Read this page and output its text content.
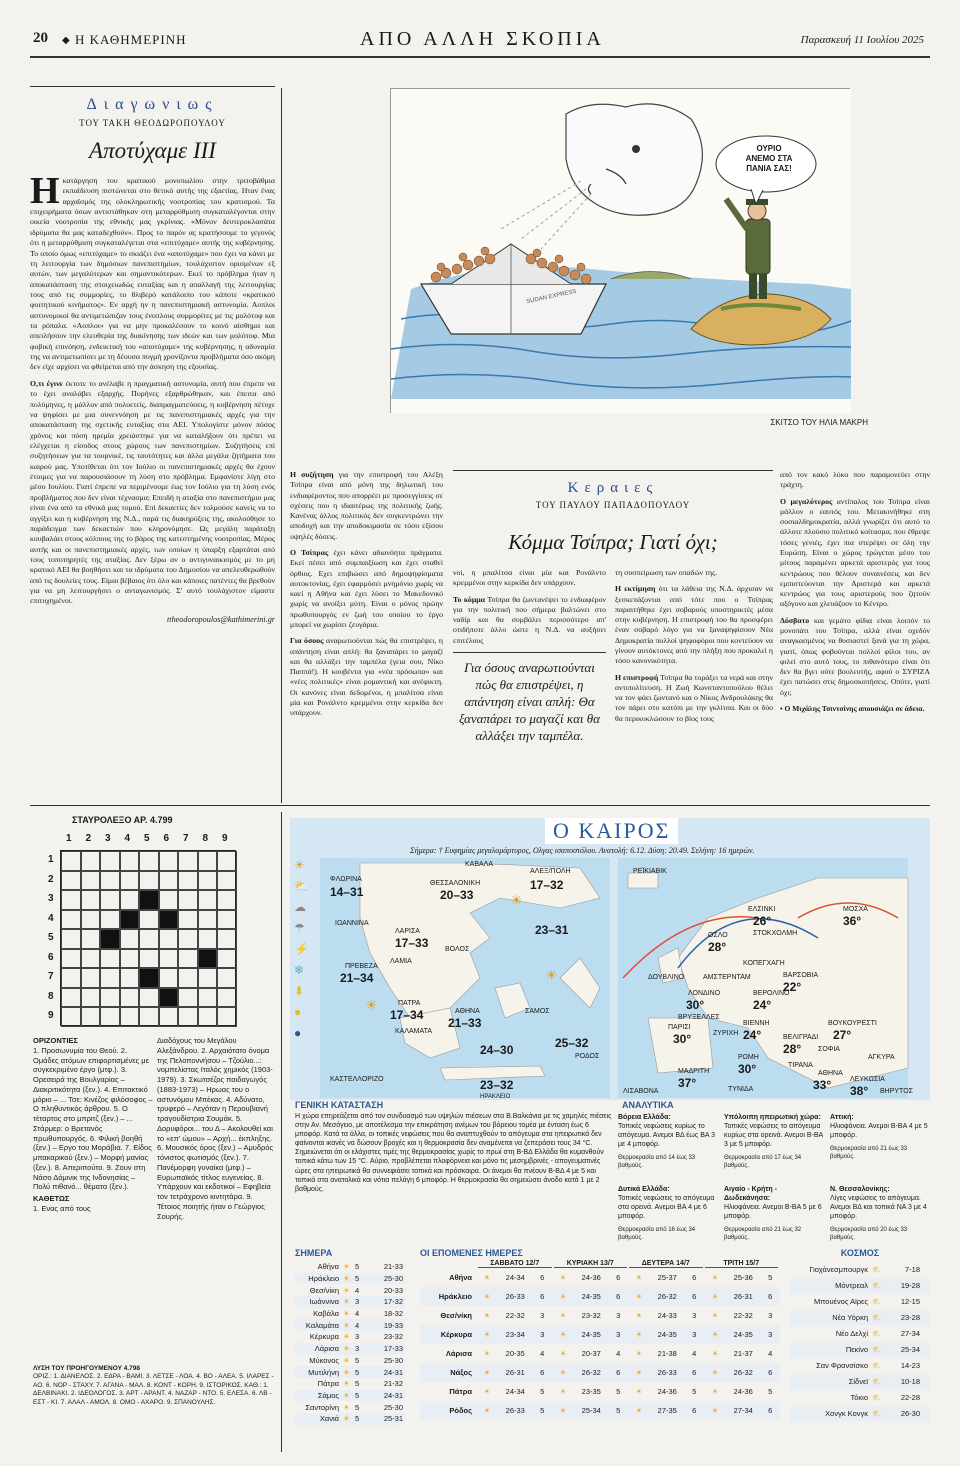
20 ◆ Η ΚΑΘΗΜΕΡΙΝΗ	ΑΠΟ ΑΛΛΗ ΣΚΟΠΙΑ	Παρασκευή 11 Ιουλίου 2025
Διαγωνιως
ΤΟΥ ΤΑΚΗ ΘΕΟΔΩΡΟΠΟΥΛΟΥ
Αποτύχαμε ΙΙΙ

Ηκατάργηση του κρατικού μονοπωλίου στην τριτοβάθμια εκπαίδευση πιστώνεται στο θετικό αυτής της εξαετίας. Ηταν ένας αρχαϊσμός της ολοκληρωτικής νοοτροπίας του κρατισμού. Τα επιχειρήματα όσων αντιστάθηκαν στη μεταρρύθμιση συγκαταλέγονται στην οικεία νοοτροπία της εθνικής μας γκρίνιας. «Μόνον δευτεροκλασάτα ιδρύματα θα μας καταδεχθούν». Προς το παρόν ας κρατήσουμε το γεγονός ότι η μεταρρύθμιση συγκαταλέγεται στα «επιτύχαμε» αυτής της κυβέρνησης. Το οποίο όμως «επιτύχαμε» το σκιάζει ένα «αποτύχαμε» που έχει να κάνει με τη λειτουργία των δημόσιων πανεπιστημίων, τουλάχιστον ορισμένων εξ αυτών, των μεγαλύτερων και σημαντικότερων. Εκεί το πρόβλημα ήταν η αποκατάσταση της στοιχειωδώς ευταξίας και η απαλλαγή της λειτουργίας τους από τις συμμορίες, το θλιβερό κατάλοιπο του κάποτε «κρατικού φοιτητικού κινήματος». Εν αρχή ην η πανεπιστημιακή αστυνομία. Αοπλοι αστυνομικοί θα αντιμετώπιζαν τους ένοπλους συμμορίτες με τις μολότοφ και τα ρόπαλα. «Αοπλοι» για να μην προκαλέσουν το κοινό αίσθημα και απειλήσουν την ελευθερία της διακίνησης των ιδεών και των μολότοφ. Μια φοβική επινόηση, ενδεικτική του «αποτύχαμε» της κυβέρνησης, η αδυναμία της να αντιμετωπίσει με τη δέουσα πυγμή χρονίζοντα προβλήματα όσο ακόμη δεν είχε αρχίσει να φθείρεται από την άσκηση της εξουσίας.

Ο,τι έγινε έκτοτε το ανέλαβε η πραγματική αστυνομία, αυτή που έπρεπε να το έχει αναλάβει εξαρχής. Πυρήνες εξαρθρώθηκαν, και έπειτα από πολύμηνες, η μάλλον από πολυετείς, διαπραγματεύσεις, η κυβέρνηση πέτυχε να ψηφίσει με μια συνεννόηση με τις πανεπιστημιακές αρχές για την αποκατάσταση της σχετικής ευταξίας στα ΑΕΙ. Υπολογίστε μόνον πόσος χρόνος και πόση ηρεμία χρειάστηκε για να καταλήξουν ότι πρέπει να ελέγχεται η είσοδος στους χώρους των πανεπιστημίων. Συζητήσεις επί συζητήσεων για τα τουρνικέ, τις ταυτότητες και άλλα μεγάλα ζητήματα του καιρού μας. Υποτίθεται ότι τον Ιούλιο οι πανεπιστημιακές αρχές θα έχουν έτοιμες για να παρουσιάσουν τη λύση στο πρόβλημα. Εμφανίστε λίγη στο μέσο Ιουλίου. Γιατί έπρεπε να περιμένουμε έως τον Ιούλιο για τη λύση ενός προβλήματος που δεν είναι τέχνασμα; Επειδή η αταξία στο πανεπιστήμιο μας είναι ένα από τα εθνικά μας τομού. Επί δεκαετίες δεν τολμούσε κανείς να το αγγίξει και η κυβέρνηση της Ν.Δ., παρά τις διακηρύξεις της, ακολούθησε το παράδειγμα των δεκαετιών που κληρονόμησε. Ως μεγάλη παράταξη κουβαλάει στους κόλπους της το βάρος της κατεστημένης νοοτροπίας. Μέρος αυτής και οι πανεπιστημιακές αρχές, των οποίων η ύπαρξη εξαρτάται από τους τοποτηρητές της αταξίας. Δεν ξέρω αν ο αντιγυναικισμός με το μη κρατικό ΑΕΙ θα βοηθήσει και τα ιδρύματα του Δημοσίου να απελευθερωθούν από τις δουλείες τους. Είμαι βέβαιος ότι όλο και κάποιες πατέντες θα βρεθούν για να μη λειτουργήσει ο ανταγωνισμός. Σ' αυτό τουλάχιστον είμαστε επιτυχημένοι.

ttheodoropoulos@kathimerini.gr
ΟΥΡΙΟ
ΑΝΕΜΟ ΣΤΑ
ΠΑΝΙΑ ΣΑΣ!
SUDAN EXPRESS
ΣΚΙΤΣΟ ΤΟΥ ΗΛΙΑ ΜΑΚΡΗ

Η συζήτηση για την επιστροφή του Αλέξη Τσίπρα είναι από μόνη της δηλωτική του ενδιαφέροντος που απορρέει με προσεγγίσεις σε σχέσεις που η ιδιαιτέρως της πολιτικής ζωής. Κανένας άλλος πολιτικός δεν συγκεντρώνει την αποδοχή και την αποδοκιμασία σε τόσο εξίσου υψηλές δόσεις.

Ο Τσίπρας έχει κάνει αδιανόητα πράγματα. Εκεί πέσει από συμπαιξίωση και έχει σταθεί όρθιος. Εχει επιβιώσει από δημοψηφίσματα αυτοκτονίας, έχει εφαρμόσει μνημόνιο χωρίς να καεί η Αθήνα και έχει λύσει το Μακεδονικό χωρίς να ανοίξει μύτη. Είναι ο μόνος πρώην πρωθυπουργός εν ζωή του οποίου το έργο μπορεί να χωρίσει ζευγάρια.

Για όσους αναρωτιούνται πώς θα επιστρέψει, η απάντηση είναι απλή: θα ξαναπάρει το μαγαζί και θα αλλάξει την ταμπέλα (γεια σου, Νίκο Παππά!). Η κουβέντα για «νέα πρόσωπα» και «νέες πολιτικές» είναι ρομαντική και ανέφικτη. Οι κανόνες είναι δεδομένοι, η μπαλίτσα είναι μία και Ρονάλντο κρεμμένοι στην κερκίδα δεν υπάρχουν.

Κεραιες
ΤΟΥ ΠΑΥΛΟΥ ΠΑΠΑΔΟΠΟΥΛΟΥ
Κόμμα Τσίπρα; Γιατί όχι;

νοί, η μπαλίτσα είναι μία και Ρονάλντο κρεμμένοι στην κερκίδα δεν υπάρχουν.

Το κόμμα Τσίπρα θα ζωντανέψει το ενδιαφέρον για την πολιτική που σήμερα βαλτώνει στο ναδίρ και θα συμβάλει περισσότερο απ' οτιδήποτε άλλο ώστε η Ν.Δ. να αυξήσει επιτέλους

Για όσους αναρωτιούνται πώς θα επιστρέψει, η απάντηση είναι απλή: Θα ξαναπάρει το μαγαζί και θα αλλάξει την ταμπέλα.

τη συσπείρωση των οπαδών της.

Η εκτίμηση ότι τα λάθεια της Ν.Δ. άρχισαν να ξεσκεπάζονται από τότε που ο Τσίπρας παραιτήθηκε έχει σοβαρούς υποστηρικτές μέσα στην κυβέρνηση. Η επιστροφή του θα προσφέρει έναν σοβαρό λόγο για να ξαναψηφίσουν Νέα Δημοκρατία πολλοί ψηφοφόροι που κοντεύουν να γίνουν αυτόκτονες από την πλήξη που προκαλεί η τόσο κανονικότητα.

Η επιστροφή Τσίπρα θα τοράξει τα νερά και στην αντιπολίτευση. Η Ζωή Κωνσταντοπούλου θέλει να τον φάει ζωντανό και ο Νίκος Ανδρουλάκης θα τον πάρει στο κατόπι με την γκλίτσα. Και οι δύο θα περικυκλώσουν το βίος τους

από τον κακό λύκο που παραμονεύει στην τράχτη.

Ο μεγαλύτερος αντίπαλος του Τσίπρα είναι μάλλον ο εαυτός του. Μετακινήθηκε στη σοσιαλδημοκρατία, αλλά γνωρίζει ότι αυτό το άλλοτε πλούσιο πολιτικό κοίτασμα, που έθρεψε τόσες γενιές, έχει πια στερέψει σε όλη την Ευρώπη. Είναι ο χώρος τρώγεται μέσο του μίτους παραμένει αρκετά αριστερός για τους κεντρώους που θέλουν συναινέσεις και δεν εμπιστεύονται την Αριστερά και αρκετά κεντρώος για τους αριστερούς που ζητούν αξόγονο και χλευάζουν το Κέντρο.

Δύσβατο και γεμάτο φίδια είναι λοιπόν το μονοπάτι του Τσίπρα, αλλά είναι οχεδόν αναγκασμένος να θυσιαστεί ξανά για τη χώρα, γιατί, όπως φοβούνται πολλοί φίλοι του, αν φιλεί στο αυτό τους, το πιθανότερο είναι ότι δεν θα βγει ούτε βουλευτής, αφού ο ΣΥΡΙΖΑ έχει πατώσει στις δημοσκοπήσεις. Οπότε, γιατί όχι;

• Ο Μιχάλης Τσιντσίνης απουσιάζει σε άδεια.

ΣΤΑΥΡΟΛΕΞΟ ΑΡ. 4.799
1 2 3 4 5 6 7 8 9
1
2
3
4
5
6
7
8
9
ΟΡΙΖΟΝΤΙΕΣ
1. Προσωνυμία του Θεού. 2. Ομάδες ατόμων επιφορτισμένες με συγκεκριμένο έργο (μτφ.). 3. Ορεσειρά της Βουλγαρίας – Διακριτικότητα (ξεν.). 4. Επιτακτικό μόριο – ... Τσε: Κινέζος φιλόσοφος – Ο πληθυντικός άρθρου. 5. Ο τέταρτος στο μπριτζ (ξεν.) – ... Στάρμερ: ο Βρετανός πρωθυπουργός. 6. Φιλική βοηθή (ξεν.) – Εργο του Μοράβια. 7. Είδος μπακαρικού (ξεν.) – Μορφή μανίας (ξεν.). 8. Απεριπούτο. 9. Ζουν στη Νάσο Δόμινικ της Ινδονησίας – Πολύ πιθανό... θέματα (ξεν.).
ΚΑΘΕΤΩΣ
1. Ενας από τους
Διαδόχους του Μεγάλου Αλεξάνδρου. 2. Αρχαιότατο όνομα της Πελοποννήσου – Τζούλιο...: νομπελίστας Ιταλός χημικός (1903-1979). 3. Σκωτσέζος παιδαγωγός (1883-1973) – Ηρωας του ο αστυνόμου Μπέκας. 4. Αδύνατο, τρυφερό – Λεγόταν η Περουβιανή τραγουδίστρια Σουμάκ. 5. Δορυφόροι... του Δ – Ακολουθεί και το «επ' ώμου» – Αρχή... έκπληξης. 6. Μουσικός όρος (ξεν.) – Αμυδρός τόνιστος φωτισμός (ξεν.). 7. Πανέμορφη γυναίκα (μτφ.) – Ευρωπαϊκός τίτλος ευγενείας. 8. Υπάρχουν και εκδοτικοί – Εφηβεία τον τετράχρονο κιντητάρα. 9. Τέτοιος ποιητής ήταν ο Γεώργιος Σουρής.
ΛΥΣΗ ΤΟΥ ΠΡΟΗΓΟΥΜΕΝΟΥ 4.798
ΟΡΙΖ.: 1. ΔΙΑΝΕΛΟΣ. 2. ΕΔΡΑ - ΒΑΜΙ. 3. ΛΕΤΣΕ - ΛΟΑ. 4. ΒΟ - ΑΛΕΑ. 5. ΙΛΑΡΕΣ - ΑΟ. 6. ΝΟΡ - ΣΤΑΧΥ. 7. ΑΓΑΝΑ - ΜΑΛ. 8. ΚΟΝΤ - ΚΟΡΗ. 9. ΙΣΤΟΡΙΚΟΣ. ΚΑΘ.: 1. ΔΕΛΒΙΝΑΚΙ. 2. ΙΔΕΟΛΟΓΟΣ. 3. ΑΡΤ - ΑΡΑΝΤ. 4. ΝΑΖΑΡ - ΝΤΟ. 5. ΕΛΕΣΑ. 6. ΛΒ - ΕΣΤ - ΚΙ. 7. ΑΛΑΛ - ΑΜΟΛ. 8. ΟΜΟ - ΑΧΑΡΟ. 9. ΣΠΑΝΟΥΛΗΣ.
Ο ΚΑΙΡΟΣ
Σήμερα: † Ευφημίας μεγαλομάρτυρος, Ολγας ισαποστόλου. Ανατολή: 6.12. Δύση: 20.49. Σελήνη: 16 ημερών.
ΚΑΒΑΛΑ
ΦΛΩΡΙΝΑ
14–31
ΘΕΣΣΑΛΟΝΙΚΗ
20–33
ΑΛΕΞ/ΠΟΛΗ
17–32
ΙΩΑΝΝΙΝΑ
ΛΑΡΙΣΑ
17–33 ΒΟΛΟΣ
ΛΑΜΙΑ
ΠΡΕΒΕΖΑ
21–34
ΠΑΤΡΑ
17–34	ΑΘΗΝΑ
21–33
ΣΑΜΟΣ
ΚΑΛΑΜΑΤΑ
ΡΟΔΟΣ
ΗΡΑΚΛΕΙΟ
23–32
ΚΑΣΤΕΛΛΟΡΙΖΟ
23–31
24–30	25–32
☀
☀
☀
☀
⛅
☁
☂
⚡
❄
⬇
●
●
ΡΕΪΚΙΑΒΙΚ
ΕΛΣΙΝΚΙ
26°
ΜΟΣΧΑ
36°
ΟΣΛΟ
28°
ΣΤΟΚΧΟΛΜΗ
ΚΟΠΕΓΧΑΓΗ
ΒΑΡΣΟΒΙΑ
22°
ΔΟΥΒΛΙΝΟ	ΑΜΣΤΕΡΝΤΑΜ
ΛΟΝΔΙΝΟ
30°
ΒΕΡΟΛΙΝΟ
24°
ΒΡΥΞΕΛΛΕΣ
ΠΑΡΙΣΙ
30°	ΖΥΡΙΧΗ
ΒΙΕΝΝΗ
24°
ΒΟΥΚΟΥΡΕΣΤΙ
27°
ΒΕΛΙΓΡΑΔΙ
28° ΣΟΦΙΑ
ΡΩΜΗ
30°	ΤΙΡΑΝΑ
ΑΓΚΥΡΑ
ΜΑΔΡΙΤΗ
37°
ΛΙΣΑΒΟΝΑ	ΤΥΝΙΔΑ
ΑΘΗΝΑ
33°	ΛΕΥΚΩΣΙΑ
38° ΒΗΡΥΤΟΣ
ΓΕΝΙΚΗ ΚΑΤΑΣΤΑΣΗ
Η χώρα επηρεάζεται από τον συνδυασμό των υψηλών πιέσεων στα Β.Βαλκάνια με τις χαμηλές πιέσεις στην Αν. Μεσόγειο, με αποτέλεσμα την επικράτηση ανέμων του βόρειου τομέα με ένταση έως 6 μποφόρ. Κατά τα άλλα, οι τοπικές νεφώσεις που θα αναπτυχθούν το απόγευμα στα ηπειρωτικά δεν φαίνονται ικανές να δώσουν βροχές και η θερμοκρασία δεν αναμένεται να ξεπεράσει τους 34 °C. Σημειώνεται ότι οι ελάχιστες τιμές της θερμοκρασίας χωρίς το πρωί στη Β-ΒΔ Ελλάδα θα κυμανθούν τοπικά κάτω των 15 °C. Αύριο, προβλέπεται πλοφόρνεια και μόνο τις μεσημβρινές - απογευματινές ώρες στα ηπειρωτικά θα συννεφιάσει τοπικά και πρόσκαιρα. Οι άνεμοι θα πνέουν Β-ΒΔ 4 με 5 και τοπικά στα ανατολικά και νότια πελάγη 6 μποφόρ. Η θερμοκρασία θα σημειώσει άνοδο κατά 1 με 2 βαθμούς.
ΑΝΑΛΥΤΙΚΑ
Βόρεια Ελλάδα:
Τοπικές νεφώσεις κυρίως το απόγευμα. Ανεμοι ΒΔ έως ΒΑ 3 με 4 μποφόρ.
Θερμοκρασία από 14 έως 33 βαθμούς.
Υπόλοιπη ηπειρωτική χώρα:
Τοπικές νεφώσεις το απόγευμα κυρίως στα ορεινά. Ανεμοι Β-ΒΑ 3 με 5 μποφόρ.
Θερμοκρασία από 17 έως 34 βαθμούς.
Αττική:
Ηλιοφάνεια. Ανεμοι Β-ΒΑ 4 με 5 μποφόρ.
Θερμοκρασία από 21 έως 33 βαθμούς.
Δυτικά Ελλάδα:
Τοπικές νεφώσεις το απόγευμα στα ορεινά. Ανεμοι ΒΑ 4 με 6 μποφόρ.
Θερμοκρασία από 16 έως 34 βαθμούς.
Αιγαίο - Κρήτη - Δωδεκάνησα:
Ηλιοφάνεια. Ανεμοι Β-ΒΑ 5 με 6 μποφόρ.
Θερμοκρασία από 21 έως 32 βαθμούς.
Ν. Θεσσαλονίκης:
Λίγες νεφώσεις το απόγευμα. Ανεμοι ΒΔ και τοπικά ΝΑ 3 με 4 μποφόρ.
Θερμοκρασία από 20 έως 33 βαθμούς.
ΣΗΜΕΡΑ
Αθήνα ☀ 5	21-33
Ηράκλειο ☀ 5	25-30
Θεσ/νίκη ☀ 4	20-33
Ιωάννινα ☀ 3	17-32
Καβάλα ☀ 4	18-32
Καλαμάτα ☀ 4	19-33
Κέρκυρα ☀ 3	23-32
Λάρισα ☀ 3	17-33
Μύκονος ☀ 5	25-30
Μυτιλήνη ☀ 5	24-31
Πάτρα ☀ 5	21-32
Σάμος ☀ 5	24-31
Σαντορίνη ☀ 5	25-30
Χανιά ☀ 5	25-31
ΟΙ ΕΠΟΜΕΝΕΣ ΗΜΕΡΕΣ
ΣΑΒΒΑΤΟ 12/7	ΚΥΡΙΑΚΗ 13/7	ΔΕΥΤΕΡΑ 14/7	ΤΡΙΤΗ 15/7
Αθήνα	☀ 24-34 6 ☀ 24-36 6 ☀ 25-37 6 ☀ 25-36 5
Ηράκλειο	☀ 26-33 6 ☀ 24-35 6 ☀ 26-32 6 ☀ 26-31 6
Θεσ/νίκη	☀ 22-32 3 ☀ 23-32 3 ☀ 24-33 3 ☀ 22-32 3
Κέρκυρα	☀ 23-34 3 ☀ 24-35 3 ☀ 24-35 3 ☀ 24-35 3
Λάρισα	☀ 20-35 4 ☀ 20-37 4 ☀ 21-38 4 ☀ 21-37 4
Νάξος	☀ 26-31 6 ☀ 26-32 6 ☀ 26-33 6 ☀ 26-32 6
Πάτρα	☀ 24-34 5 ☀ 23-35 5 ☀ 24-36 5 ☀ 24-36 5
Ρόδος	☀ 26-33 5 ☀ 25-34 5 ☀ 27-35 6 ☀ 27-34 6
ΚΟΣΜΟΣ
Γιοχάνεσμπουργκ ⛅	7-18
Μόντρεαλ ⛅	19-28
Μπουένος Αϊρες ⛅	12-15
Νέα Υόρκη ⛅	23-28
Νέο Δελχί ⛅	27-34
Πεκίνο ⛅	25-34
Σαν Φρανσίσκο ⛅	14-23
Σίδνεϊ ⛅	10-18
Τόκιο ⛅	22-28
Χονγκ Κονγκ ⛅	26-30
